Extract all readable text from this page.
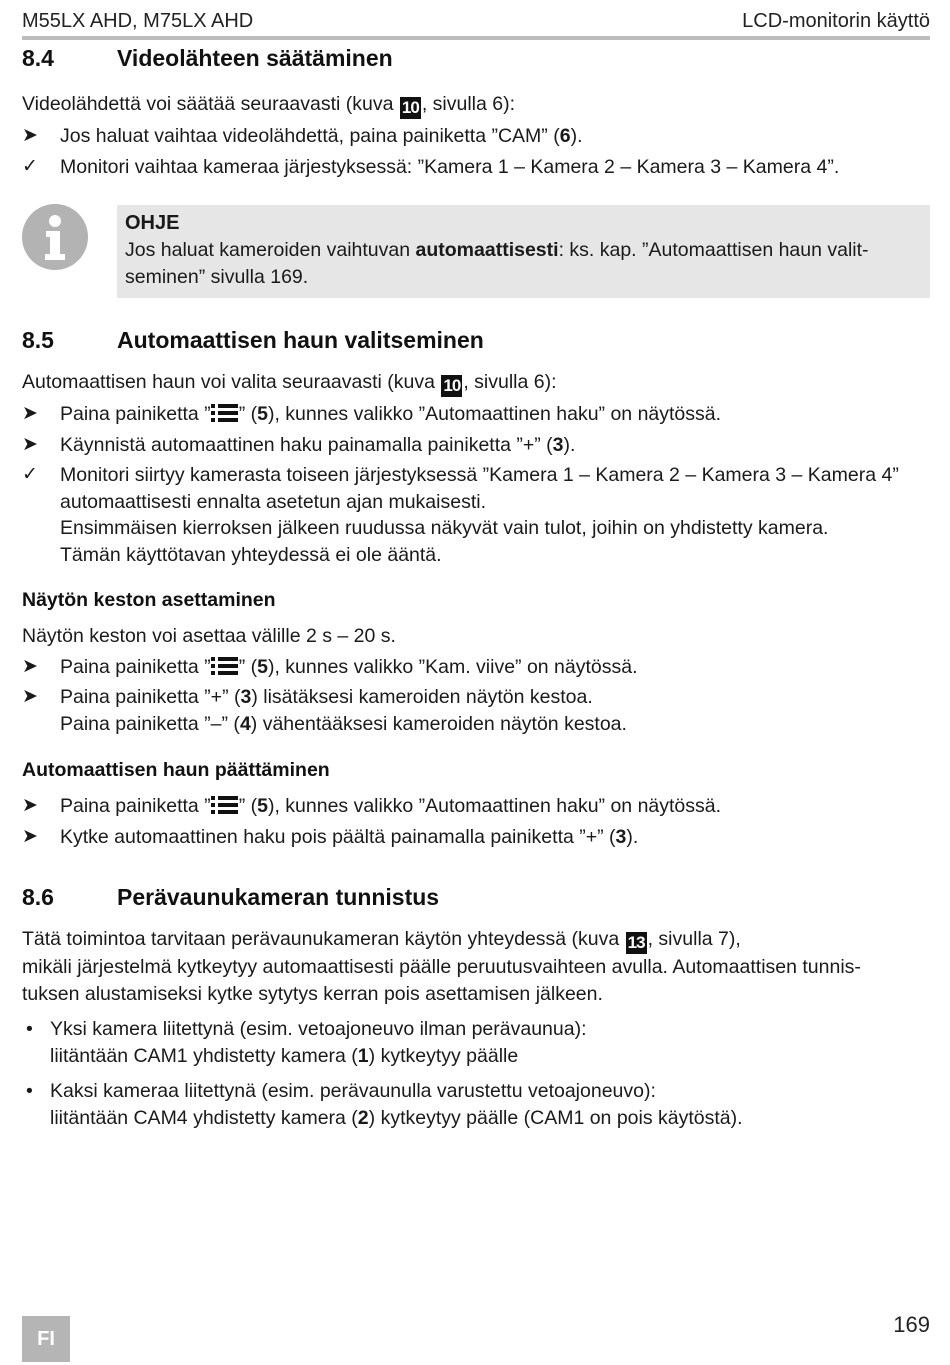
M55LX AHD, M75LX AHD	LCD-monitorin käyttö
8.4	Videolähteen säätäminen

Videolähdettä voi säätää seuraavasti (kuva 10 , sivulla 6):

➤	Jos haluat vaihtaa videolähdettä, paina painiketta ”CAM” (6).
✓	Monitori vaihtaa kameraa järjestyksessä: ”Kamera 1 – Kamera 2 – Kamera 3 – Kamera 4”.
OHJE

Jos haluat kameroiden vaihtuvan automaattisesti: ks. kap. ”Automaattisen haun valit-
seminen” sivulla 169.

8.5	Automaattisen haun valitseminen

Automaattisen haun voi valita seuraavasti (kuva 10 , sivulla 6):

➤	Paina painiketta ” ” (5), kunnes valikko ”Automaattinen haku” on näytössä.
➤	Käynnistä automaattinen haku painamalla painiketta ”+” (3).
✓	Monitori siirtyy kamerasta toiseen järjestyksessä ”Kamera 1 – Kamera 2 – Kamera 3 – Kamera 4”
automaattisesti ennalta asetetun ajan mukaisesti.
Ensimmäisen kierroksen jälkeen ruudussa näkyvät vain tulot, joihin on yhdistetty kamera.
Tämän käyttötavan yhteydessä ei ole ääntä.
Näytön keston asettaminen

Näytön keston voi asettaa välille 2 s – 20 s.

➤	Paina painiketta ” ” (5), kunnes valikko ”Kam. viive” on näytössä.
➤	Paina painiketta ”+” (3) lisätäksesi kameroiden näytön kestoa.
Paina painiketta ”–” (4) vähentääksesi kameroiden näytön kestoa.
Automaattisen haun päättäminen
➤	Paina painiketta ” ” (5), kunnes valikko ”Automaattinen haku” on näytössä.
➤	Kytke automaattinen haku pois päältä painamalla painiketta ”+” (3).
8.6	Perävaunukameran tunnistus

Tätä toimintoa tarvitaan perävaunukameran käytön yhteydessä (kuva 13 , sivulla 7),
mikäli järjestelmä kytkeytyy automaattisesti päälle peruutusvaihteen avulla. Automaattisen tunnis-
tuksen alustamiseksi kytke sytytys kerran pois asettamisen jälkeen.

• Yksi kamera liitettynä (esim. vetoajoneuvo ilman perävaunua):
liitäntään CAM1 yhdistetty kamera (1) kytkeytyy päälle
• Kaksi kameraa liitettynä (esim. perävaunulla varustettu vetoajoneuvo):
liitäntään CAM4 yhdistetty kamera (2) kytkeytyy päälle (CAM1 on pois käytöstä).
FI
169
